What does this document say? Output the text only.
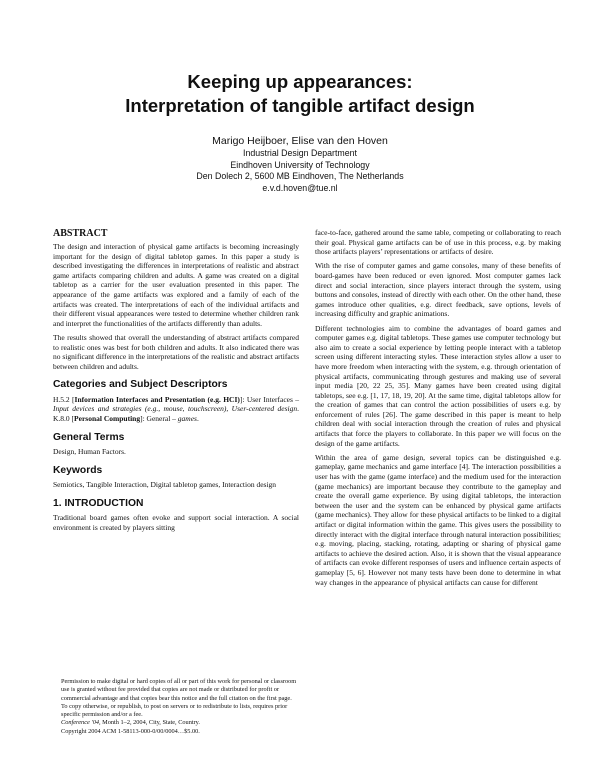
Keeping up appearances:
Interpretation of tangible artifact design
Marigo Heijboer, Elise van den Hoven
Industrial Design Department
Eindhoven University of Technology
Den Dolech 2, 5600 MB Eindhoven, The Netherlands
e.v.d.hoven@tue.nl
ABSTRACT

The design and interaction of physical game artifacts is becoming increasingly important for the design of digital tabletop games. In this paper a study is described investigating the differences in interpretations of realistic and abstract game artifacts comparing children and adults. A game was created on a digital tabletop as a carrier for the user evaluation presented in this paper. The appearance of the game artifacts was explored and a family of each of the artifacts was created. The interpretations of each of the individual artifacts and their different visual appearances were tested to determine whether children rank and interpret the functionalities of the artifacts differently than adults.

The results showed that overall the understanding of abstract artifacts compared to realistic ones was best for both children and adults. It also indicated there was no significant difference in the interpretations of the realistic and abstract artifacts between children and adults.

Categories and Subject Descriptors

H.5.2 [Information Interfaces and Presentation (e.g. HCI)]: User Interfaces – Input devices and strategies (e.g., mouse, touchscreen), User-centered design. K.8.0 [Personal Computing]: General – games.

General Terms

Design, Human Factors.

Keywords

Semiotics, Tangible Interaction, Digital tabletop games, Interaction design

1. INTRODUCTION

Traditional board games often evoke and support social interaction. A social environment is created by players sitting

Permission to make digital or hard copies of all or part of this work for personal or classroom use is granted without fee provided that copies are not made or distributed for profit or commercial advantage and that copies bear this notice and the full citation on the first page. To copy otherwise, or republish, to post on servers or to redistribute to lists, requires prior specific permission and/or a fee.

Conference '04, Month 1–2, 2004, City, State, Country.

Copyright 2004 ACM 1-58113-000-0/00/0004…$5.00.

face-to-face, gathered around the same table, competing or collaborating to reach their goal. Physical game artifacts can be of use in this process, e.g. by making those artifacts players’ representations or artifacts of desire.

With the rise of computer games and game consoles, many of these benefits of board-games have been reduced or even ignored. Most computer games lack direct and social interaction, since players interact through the system, using buttons and consoles, instead of directly with each other. On the other hand, these games introduce other qualities, e.g. direct feedback, save options, levels of increasing difficulty and graphic animations.

Different technologies aim to combine the advantages of board games and computer games e.g. digital tabletops. These games use computer technology but also aim to create a social experience by letting people interact with a tabletop screen using different interacting styles. These interaction styles allow a user to have more freedom when interacting with the system, e.g. through orientation of physical artifacts, communicating through gestures and making use of several input media [20, 22 25, 35]. Many games have been created using digital tabletops, see e.g. [1, 17, 18, 19, 20]. At the same time, digital tabletops allow for the creation of games that can control the action possibilities of users e.g. by enforcement of rules [26]. The game described in this paper is meant to help children deal with social interaction through the creation of rules and physical artifacts that force the players to collaborate. In this paper we will focus on the design of the game artifacts.

Within the area of game design, several topics can be distinguished e.g. gameplay, game mechanics and game interface [4]. The interaction possibilities a user has with the game (game interface) and the medium used for the interaction (game mechanics) are important because they contribute to the gameplay and create the overall game experience. By using digital tabletops, the interaction between the user and the system can be enhanced by physical game artifacts (game mechanics). They allow for these physical artifacts to be linked to a digital artifact or digital information within the game. This gives users the possibility to directly interact with the digital interface through natural interaction possibilities; e.g. moving, placing, stacking, rotating, adapting or sharing of physical game artifacts to achieve the desired action. Also, it is shown that the visual appearance of artifacts can evoke different responses of users and influence certain aspects of gameplay [5, 6]. However not many tests have been done to determine in what way changes in the appearance of physical artifacts can cause for different
